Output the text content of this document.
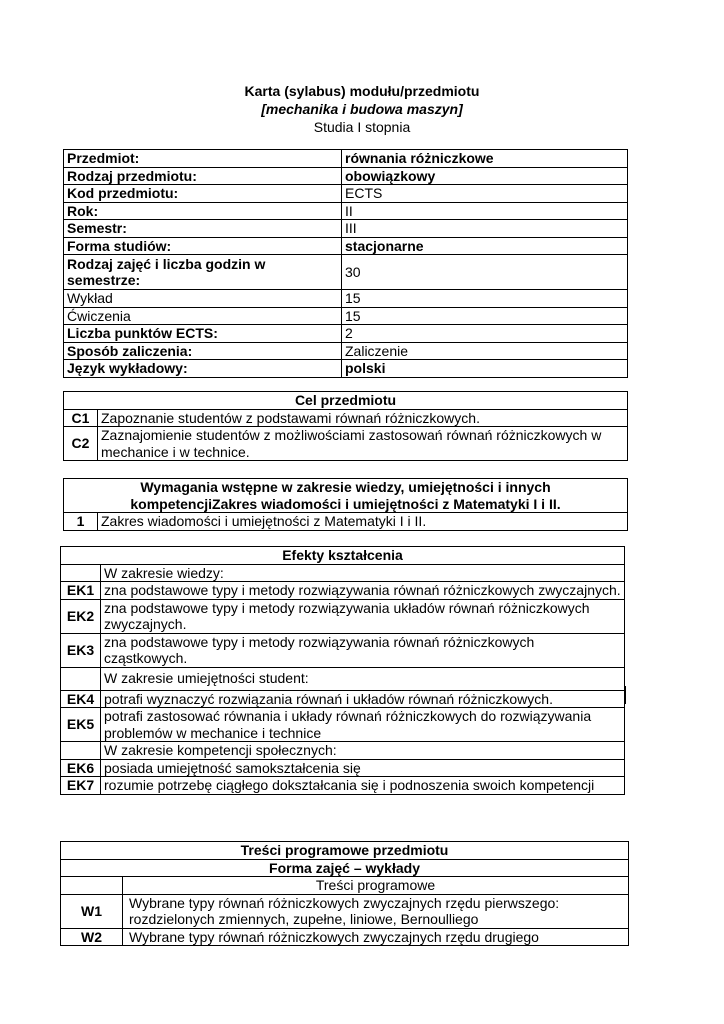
Karta (sylabus) modułu/przedmiotu
[mechanika i budowa maszyn]
Studia I stopnia
Przedmiot:	równania różniczkowe
Rodzaj przedmiotu:	obowiązkowy
Kod przedmiotu:	ECTS
Rok:	II
Semestr:	III
Forma studiów:	stacjonarne
Rodzaj zajęć i liczba godzin w semestrze:	30
Wykład	15
Ćwiczenia	15
Liczba punktów ECTS:	2
Sposób zaliczenia:	Zaliczenie
Język wykładowy:	polski
Cel przedmiotu	
C1	Zapoznanie studentów z podstawami równań różniczkowych.
C2	Zaznajomienie studentów z możliwościami zastosowań równań różniczkowych w mechanice i w technice.
Wymagania wstępne w zakresie wiedzy, umiejętności i innych kompetencjiZakres wiadomości i umiejętności z Matematyki I i II.
1	Zakres wiadomości i umiejętności z Matematyki I i II.
Efekty kształcenia	
	W zakresie wiedzy:
EK1	zna podstawowe typy i metody rozwiązywania równań różniczkowych zwyczajnych.
EK2	zna podstawowe typy i metody rozwiązywania układów równań różniczkowych zwyczajnych.
EK3	zna podstawowe typy i metody rozwiązywania równań różniczkowych cząstkowych.
	W zakresie umiejętności student:
EK4	potrafi wyznaczyć rozwiązania równań i układów równań różniczkowych.
EK5	potrafi zastosować równania i układy równań różniczkowych do rozwiązywania problemów w mechanice i technice
	W zakresie kompetencji społecznych:
EK6	posiada umiejętność samokształcenia się
EK7	rozumie potrzebę ciągłego dokształcania się i podnoszenia swoich kompetencji
Treści programowe przedmiotu	
Forma zajęć – wykłady	
	Treści programowe
W1	Wybrane typy równań różniczkowych zwyczajnych rzędu pierwszego: rozdzielonych zmiennych, zupełne, liniowe, Bernoulliego
W2	Wybrane typy równań różniczkowych zwyczajnych rzędu drugiego
